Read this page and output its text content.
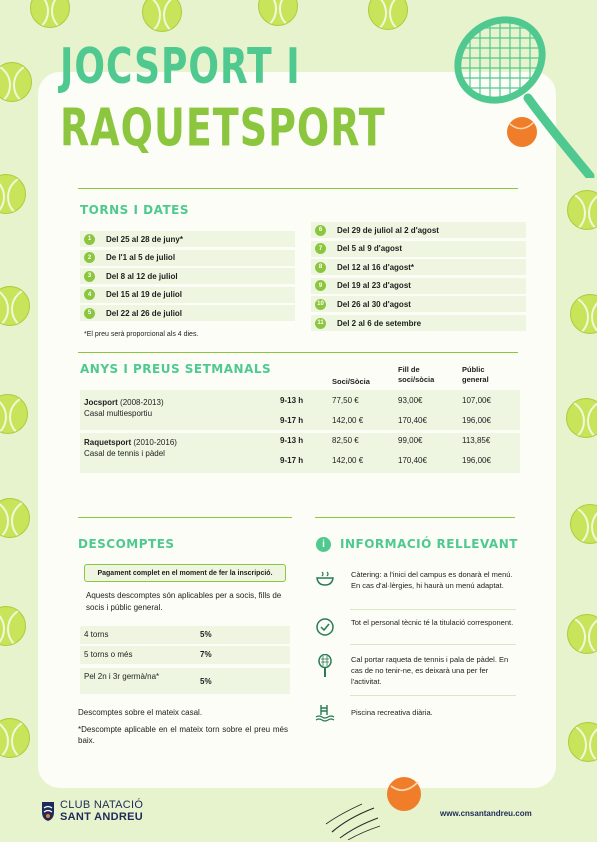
JOCSPORT I
RAQUETSPORT
TORNS I DATES
1	Del 25 al 28 de juny*
2	De l'1 al 5 de juliol
3	Del 8 al 12 de juliol
4	Del 15 al 19 de juliol
5	Del 22 al 26 de juliol
6	Del 29 de juliol al 2 d'agost
7	Del 5 al 9 d'agost
8	Del 12 al 16 d'agost*
9	Del 19 al 23 d'agost
10 Del 26 al 30 d'agost
11 Del 2 al 6 de setembre
*El preu serà proporcional als 4 dies.
ANYS I PREUS SETMANALS
Soci/Sòcia
Fill de
soci/sòcia
Públic
general
Jocsport (2008-2013)
Casal multiesportiu
9-13 h	77,50 €	93,00€	107,00€
9-17 h	142,00 €	170,40€	196,00€
Raquetsport (2010-2016)
Casal de tennis i pàdel
9-13 h	82,50 €	99,00€	113,85€
9-17 h	142,00 €	170,40€	196,00€
DESCOMPTES
Pagament complet en el moment de fer la inscripció.
Aquests descomptes són aplicables per a socis, fills de socis i públic general.
4 torns	5%
5 torns o més	7%
Pel 2n i 3r germà/na*
5%
Descomptes sobre el mateix casal.
*Descompte aplicable en el mateix torn sobre el preu més baix.
i	INFORMACIÓ RELLEVANT
Càtering: a l'inici del campus es donarà el menú. En cas d'al·lèrgies, hi haurà un menú adaptat.
Tot el personal tècnic té la titulació corresponent.
Cal portar raqueta de tennis i pala de pàdel. En cas de no tenir-ne, es deixarà una per fer l'activitat.
Piscina recreativa diària.
CLUB NATACIÓ
SANT ANDREU	www.cnsantandreu.com
